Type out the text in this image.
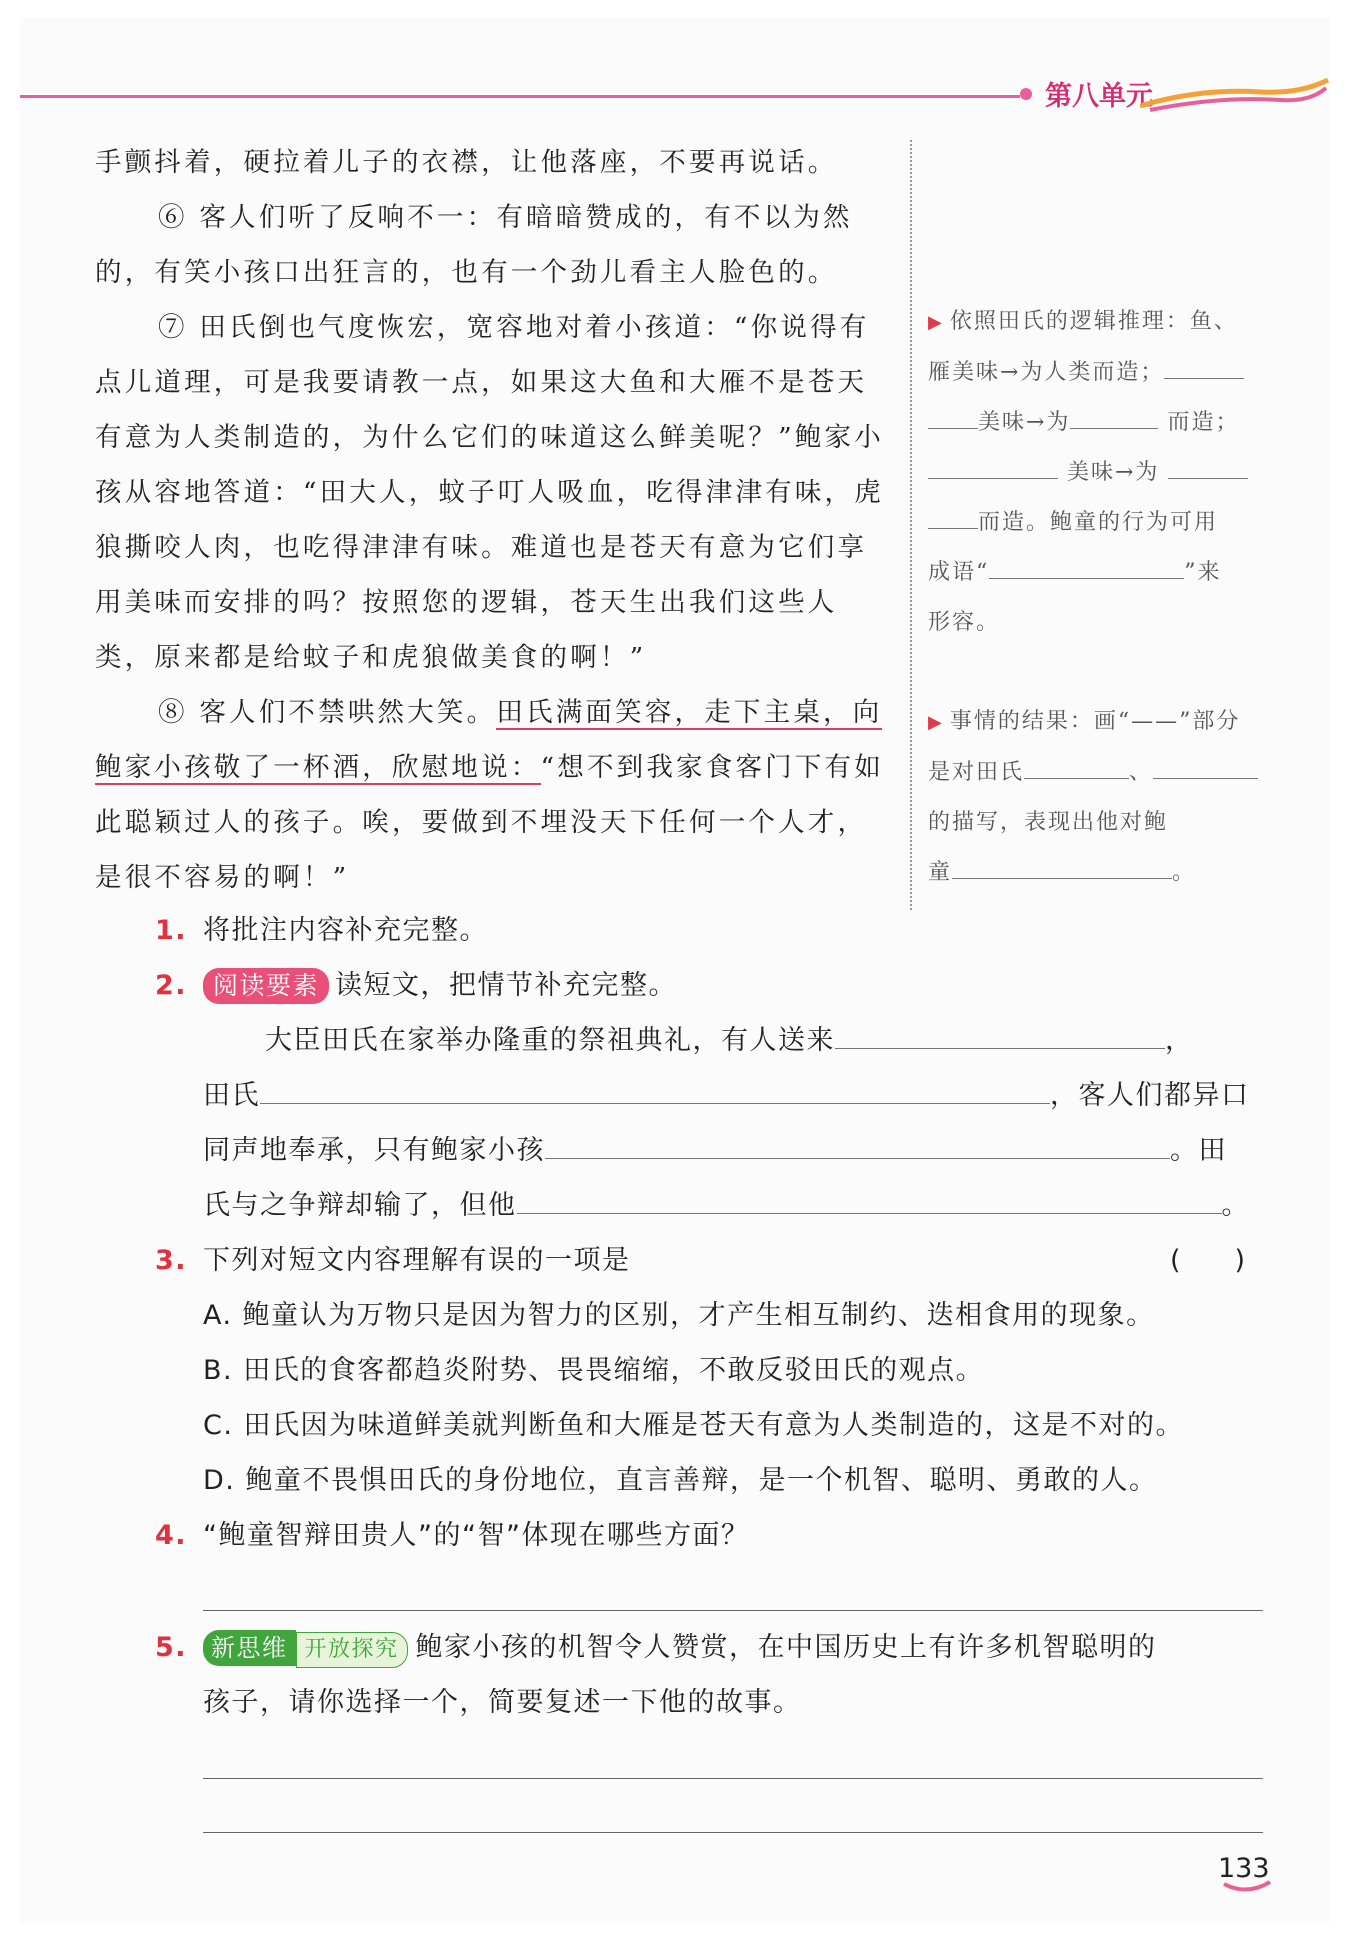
第八单元

手颤抖着，硬拉着儿子的衣襟，让他落座，不要再说话。

⑥ 客人们听了反响不一：有暗暗赞成的，有不以为然的，有笑小孩口出狂言的，也有一个劲儿看主人脸色的。

⑦ 田氏倒也气度恢宏，宽容地对着小孩道：“你说得有点儿道理，可是我要请教一点，如果这大鱼和大雁不是苍天有意为人类制造的，为什么它们的味道这么鲜美呢？”鲍家小孩从容地答道：“田大人，蚊子叮人吸血，吃得津津有味，虎狼撕咬人肉，也吃得津津有味。难道也是苍天有意为它们享用美味而安排的吗？按照您的逻辑，苍天生出我们这些人类，原来都是给蚊子和虎狼做美食的啊！”

⑧ 客人们不禁哄然大笑。田氏满面笑容，走下主桌，向鲍家小孩敬了一杯酒，欣慰地说：“想不到我家食客门下有如此聪颖过人的孩子。唉，要做到不埋没天下任何一个人才，是很不容易的啊！”

▶ 依照田氏的逻辑推理：鱼、
雁美味→为人类而造；
美味→为	而造；
美味→为
而造。鲍童的行为可用
成语“	”来
形容。
▶ 事情的结果：画“——”部分
是对田氏	、
的描写，表现出他对鲍
童	。
1. 将批注内容补充完整。
2. 阅读要素 读短文，把情节补充完整。
大臣田氏在家举办隆重的祭祖典礼，有人送来	，
田氏	，客人们都异口
同声地奉承，只有鲍家小孩	。田
氏与之争辩却输了，但他	。
3. 下列对短文内容理解有误的一项是	(　　)
A. 鲍童认为万物只是因为智力的区别，才产生相互制约、迭相食用的现象。
B. 田氏的食客都趋炎附势、畏畏缩缩，不敢反驳田氏的观点。
C. 田氏因为味道鲜美就判断鱼和大雁是苍天有意为人类制造的，这是不对的。
D. 鲍童不畏惧田氏的身份地位，直言善辩，是一个机智、聪明、勇敢的人。
4. “鲍童智辩田贵人”的“智”体现在哪些方面？
5. 新思维 开放探究 鲍家小孩的机智令人赞赏，在中国历史上有许多机智聪明的
孩子，请你选择一个，简要复述一下他的故事。
133
